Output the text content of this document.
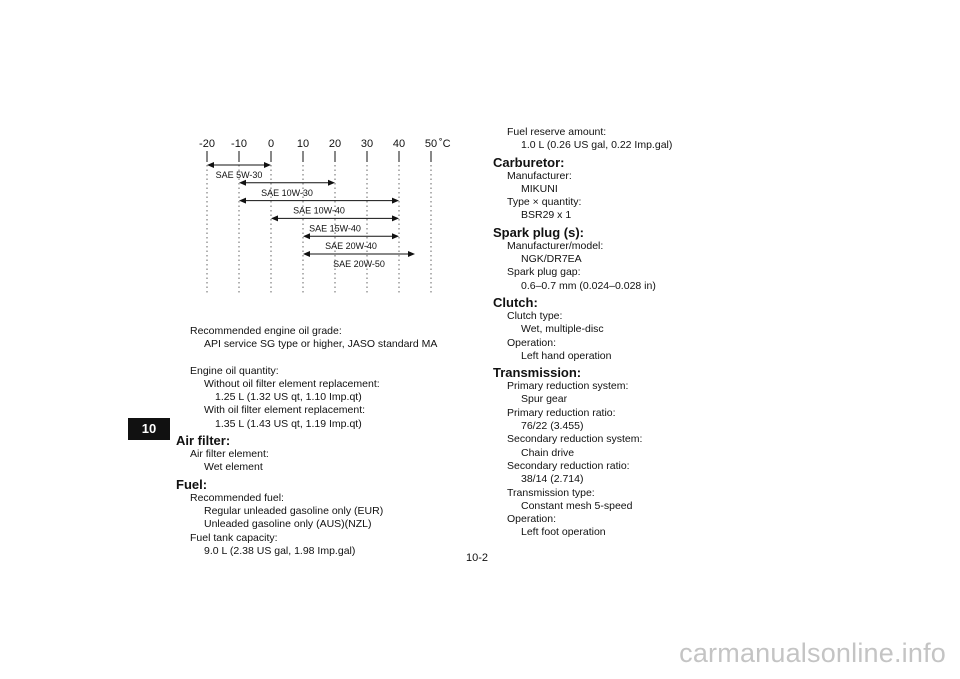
10
-20 -10 0 10 20 30 40 50 ˚C
SAE 5W-30
SAE 10W-30
SAE 10W-40
SAE 15W-40
SAE 20W-40
SAE 20W-50
Recommended engine oil grade:
API service SG type or higher, JASO standard MA
Engine oil quantity:
Without oil filter element replacement:
1.25 L (1.32 US qt, 1.10 Imp.qt)
With oil filter element replacement:
1.35 L (1.43 US qt, 1.19 Imp.qt)
Air filter:
Air filter element:
Wet element
Fuel:
Recommended fuel:
Regular unleaded gasoline only (EUR)
Unleaded gasoline only (AUS)(NZL)
Fuel tank capacity:
9.0 L (2.38 US gal, 1.98 Imp.gal)
Fuel reserve amount:
1.0 L (0.26 US gal, 0.22 Imp.gal)
Carburetor:
Manufacturer:
MIKUNI
Type × quantity:
BSR29 x 1
Spark plug (s):
Manufacturer/model:
NGK/DR7EA
Spark plug gap:
0.6–0.7 mm (0.024–0.028 in)
Clutch:
Clutch type:
Wet, multiple-disc
Operation:
Left hand operation
Transmission:
Primary reduction system:
Spur gear
Primary reduction ratio:
76/22 (3.455)
Secondary reduction system:
Chain drive
Secondary reduction ratio:
38/14 (2.714)
Transmission type:
Constant mesh 5-speed
Operation:
Left foot operation
10-2
carmanualsonline.info
